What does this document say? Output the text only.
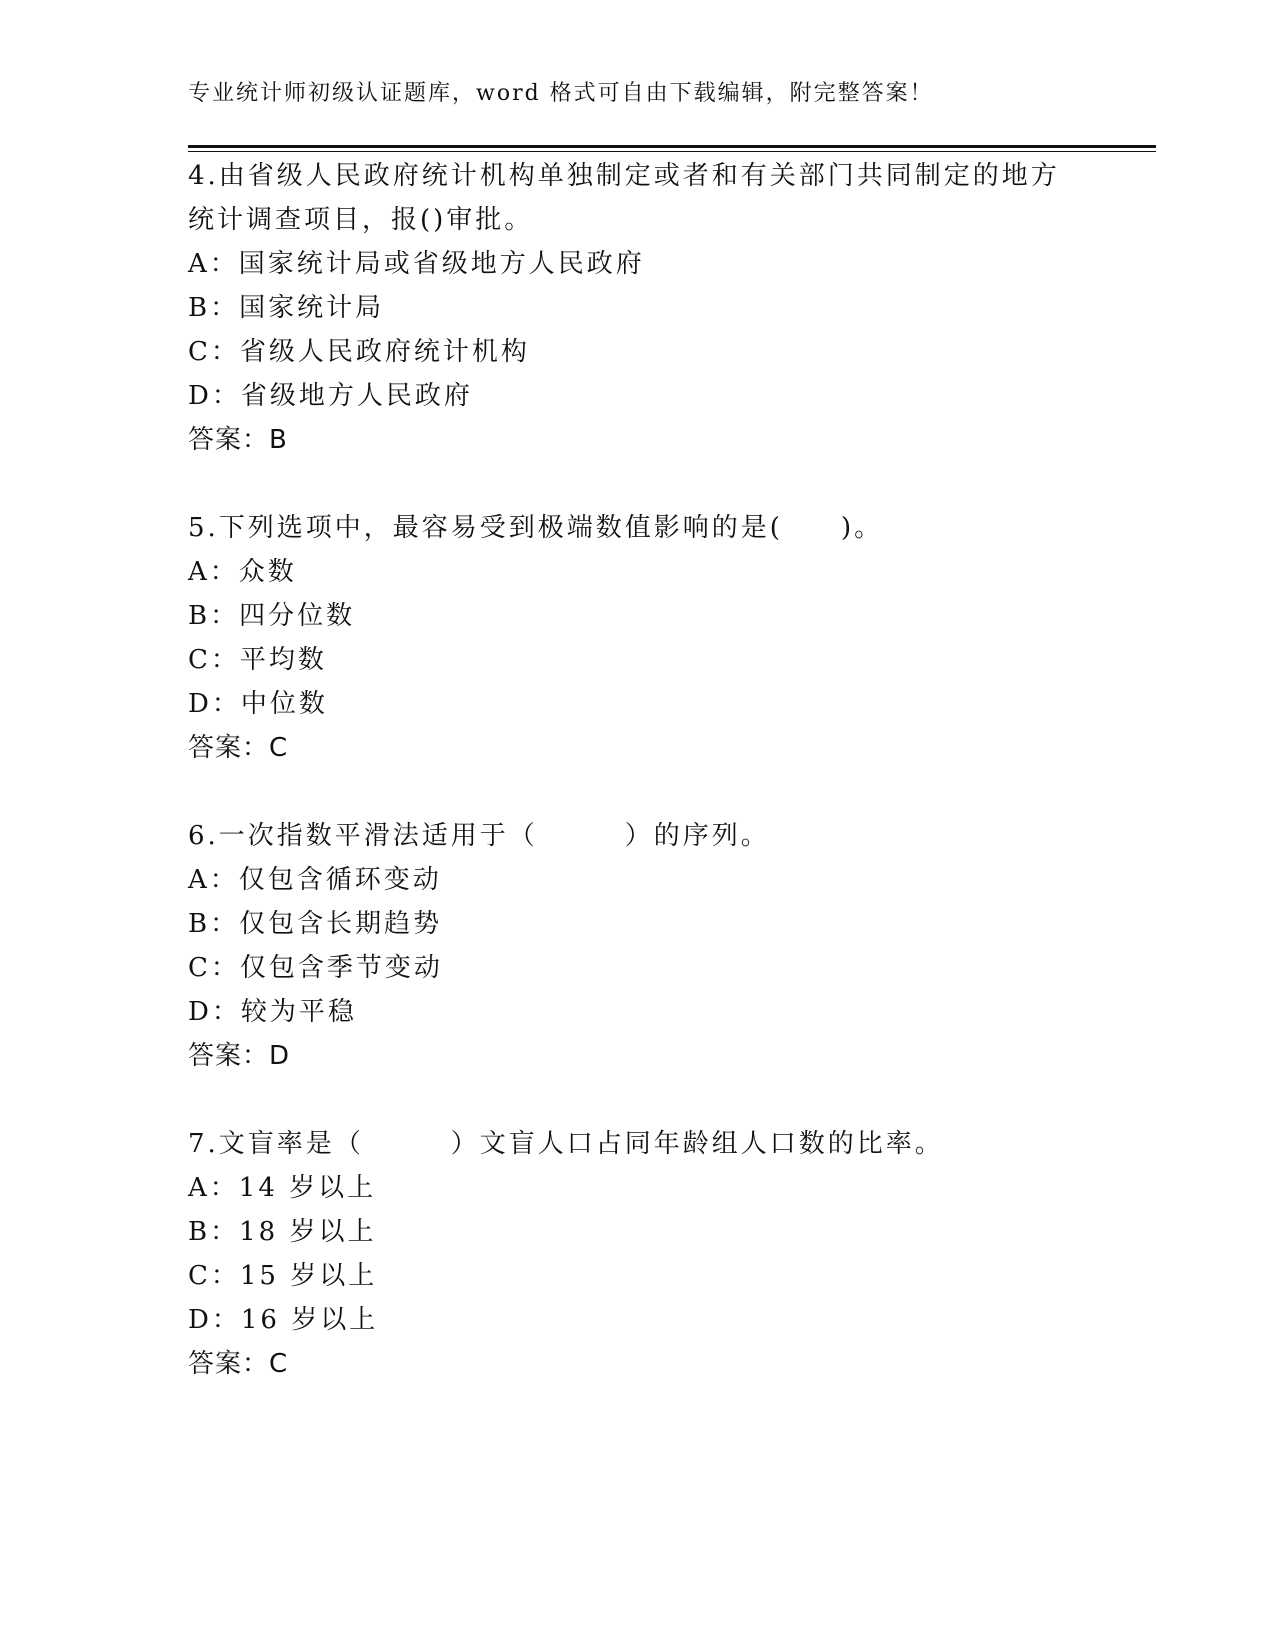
专业统计师初级认证题库，word 格式可自由下载编辑，附完整答案！
4.由省级人民政府统计机构单独制定或者和有关部门共同制定的地方
统计调查项目，报()审批。
A：国家统计局或省级地方人民政府
B：国家统计局
C：省级人民政府统计机构
D：省级地方人民政府
答案：B
5.下列选项中，最容易受到极端数值影响的是(　　)。
A：众数
B：四分位数
C：平均数
D：中位数
答案：C
6.一次指数平滑法适用于（　　　）的序列。
A：仅包含循环变动
B：仅包含长期趋势
C：仅包含季节变动
D：较为平稳
答案：D
7.文盲率是（　　　）文盲人口占同年龄组人口数的比率。
A：14 岁以上
B：18 岁以上
C：15 岁以上
D：16 岁以上
答案：C
